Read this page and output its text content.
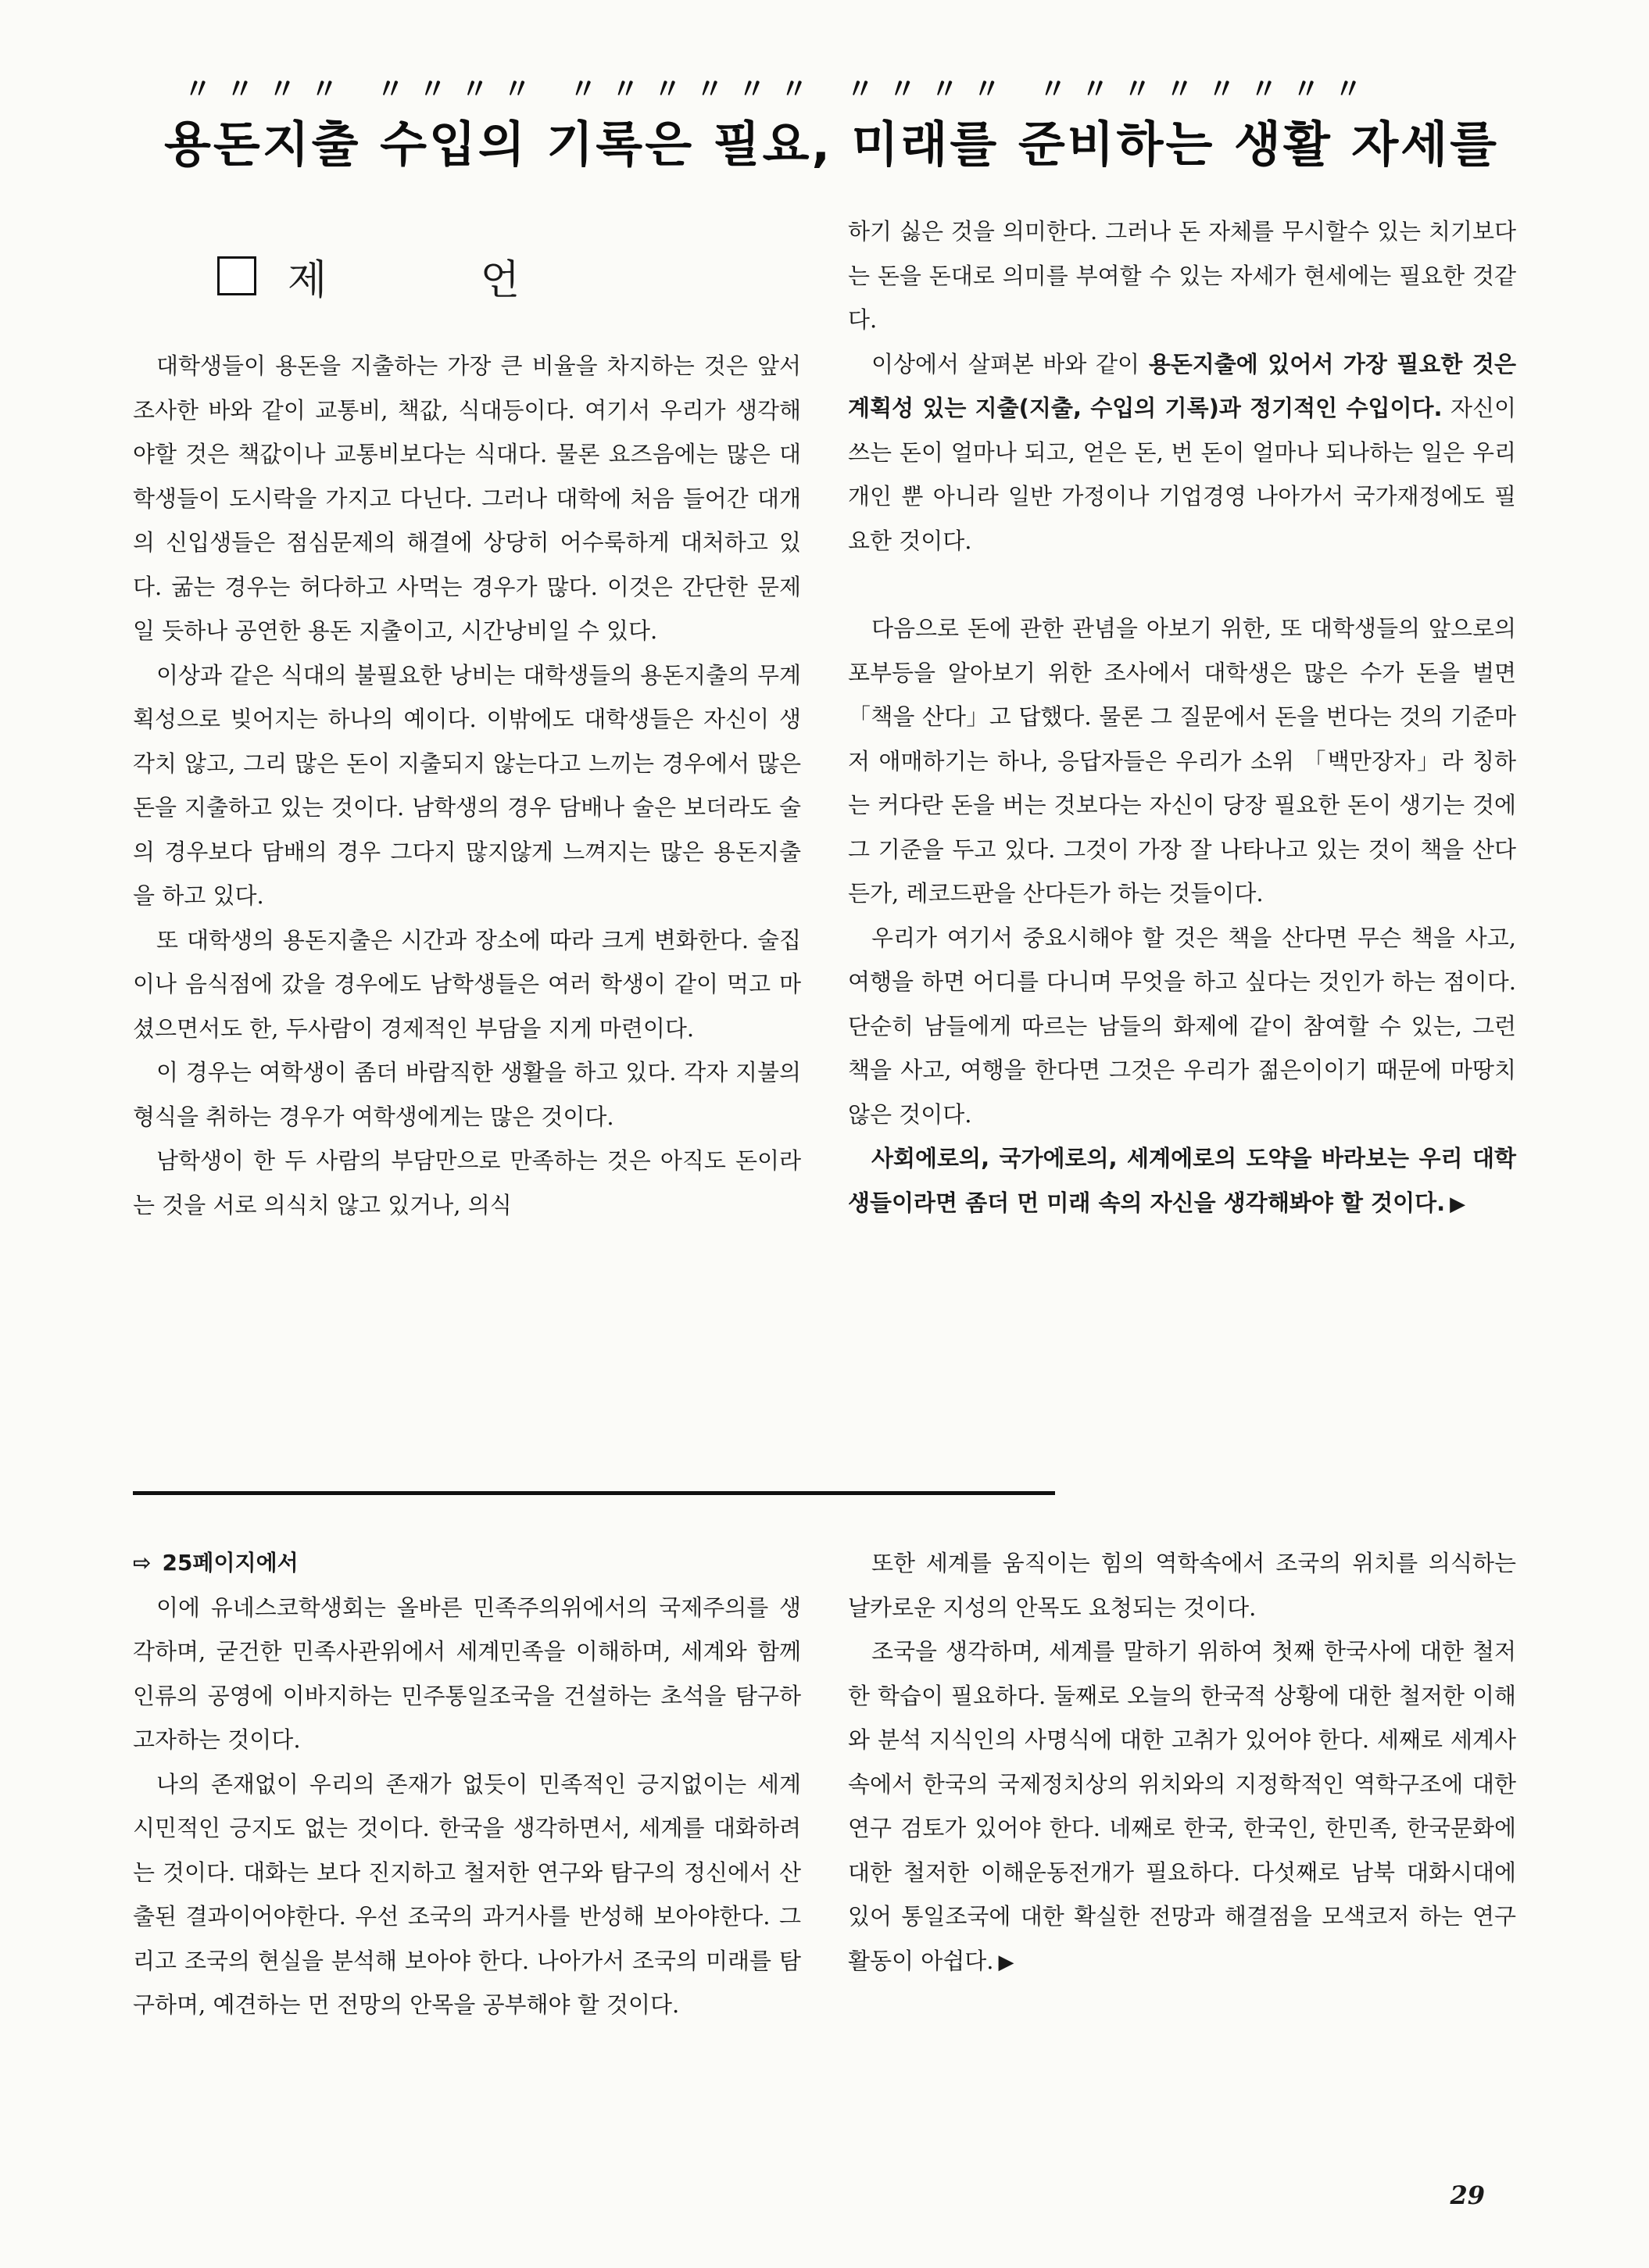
〃〃〃〃 〃〃〃〃 〃〃〃〃〃〃 〃〃〃〃 〃〃〃〃〃〃〃〃
용돈지출 수입의 기록은 필요, 미래를 준비하는 생활 자세를
제 언

대학생들이 용돈을 지출하는 가장 큰 비율을 차지하는 것은 앞서 조사한 바와 같이 교통비, 책값, 식대등이다. 여기서 우리가 생각해야할 것은 책값이나 교통비보다는 식대다. 물론 요즈음에는 많은 대학생들이 도시락을 가지고 다닌다. 그러나 대학에 처음 들어간 대개의 신입생들은 점심문제의 해결에 상당히 어수룩하게 대처하고 있다. 굶는 경우는 허다하고 사먹는 경우가 많다. 이것은 간단한 문제일 듯하나 공연한 용돈 지출이고, 시간낭비일 수 있다.

이상과 같은 식대의 불필요한 낭비는 대학생들의 용돈지출의 무계획성으로 빚어지는 하나의 예이다. 이밖에도 대학생들은 자신이 생각치 않고, 그리 많은 돈이 지출되지 않는다고 느끼는 경우에서 많은 돈을 지출하고 있는 것이다. 남학생의 경우 담배나 술은 보더라도 술의 경우보다 담배의 경우 그다지 많지않게 느껴지는 많은 용돈지출을 하고 있다.

또 대학생의 용돈지출은 시간과 장소에 따라 크게 변화한다. 술집이나 음식점에 갔을 경우에도 남학생들은 여러 학생이 같이 먹고 마셨으면서도 한, 두사람이 경제적인 부담을 지게 마련이다.

이 경우는 여학생이 좀더 바람직한 생활을 하고 있다. 각자 지불의 형식을 취하는 경우가 여학생에게는 많은 것이다.

남학생이 한 두 사람의 부담만으로 만족하는 것은 아직도 돈이라는 것을 서로 의식치 않고 있거나, 의식

하기 싫은 것을 의미한다. 그러나 돈 자체를 무시할수 있는 치기보다는 돈을 돈대로 의미를 부여할 수 있는 자세가 현세에는 필요한 것같다.

이상에서 살펴본 바와 같이 용돈지출에 있어서 가장 필요한 것은 계획성 있는 지출(지출, 수입의 기록)과 정기적인 수입이다. 자신이 쓰는 돈이 얼마나 되고, 얻은 돈, 번 돈이 얼마나 되나하는 일은 우리 개인 뿐 아니라 일반 가정이나 기업경영 나아가서 국가재정에도 필요한 것이다.

다음으로 돈에 관한 관념을 아보기 위한, 또 대학생들의 앞으로의 포부등을 알아보기 위한 조사에서 대학생은 많은 수가 돈을 벌면 「책을 산다」고 답했다. 물론 그 질문에서 돈을 번다는 것의 기준마저 애매하기는 하나, 응답자들은 우리가 소위 「백만장자」라 칭하는 커다란 돈을 버는 것보다는 자신이 당장 필요한 돈이 생기는 것에 그 기준을 두고 있다. 그것이 가장 잘 나타나고 있는 것이 책을 산다든가, 레코드판을 산다든가 하는 것들이다.

우리가 여기서 중요시해야 할 것은 책을 산다면 무슨 책을 사고, 여행을 하면 어디를 다니며 무엇을 하고 싶다는 것인가 하는 점이다. 단순히 남들에게 따르는 남들의 화제에 같이 참여할 수 있는, 그런 책을 사고, 여행을 한다면 그것은 우리가 젊은이이기 때문에 마땅치 않은 것이다.

사회에로의, 국가에로의, 세계에로의 도약을 바라보는 우리 대학생들이라면 좀더 먼 미래 속의 자신을 생각해봐야 할 것이다. ▶

⇨ 25페이지에서

이에 유네스코학생회는 올바른 민족주의위에서의 국제주의를 생각하며, 굳건한 민족사관위에서 세계민족을 이해하며, 세계와 함께 인류의 공영에 이바지하는 민주통일조국을 건설하는 초석을 탐구하고자하는 것이다.

나의 존재없이 우리의 존재가 없듯이 민족적인 긍지없이는 세계 시민적인 긍지도 없는 것이다. 한국을 생각하면서, 세계를 대화하려는 것이다. 대화는 보다 진지하고 철저한 연구와 탐구의 정신에서 산출된 결과이어야한다. 우선 조국의 과거사를 반성해 보아야한다. 그리고 조국의 현실을 분석해 보아야 한다. 나아가서 조국의 미래를 탐구하며, 예견하는 먼 전망의 안목을 공부해야 할 것이다.

또한 세계를 움직이는 힘의 역학속에서 조국의 위치를 의식하는 날카로운 지성의 안목도 요청되는 것이다.

조국을 생각하며, 세계를 말하기 위하여 첫째 한국사에 대한 철저한 학습이 필요하다. 둘째로 오늘의 한국적 상황에 대한 철저한 이해와 분석 지식인의 사명식에 대한 고취가 있어야 한다. 세째로 세계사속에서 한국의 국제정치상의 위치와의 지정학적인 역학구조에 대한 연구 검토가 있어야 한다. 네째로 한국, 한국인, 한민족, 한국문화에 대한 철저한 이해운동전개가 필요하다. 다섯째로 남북 대화시대에 있어 통일조국에 대한 확실한 전망과 해결점을 모색코저 하는 연구활동이 아쉽다. ▶

29
